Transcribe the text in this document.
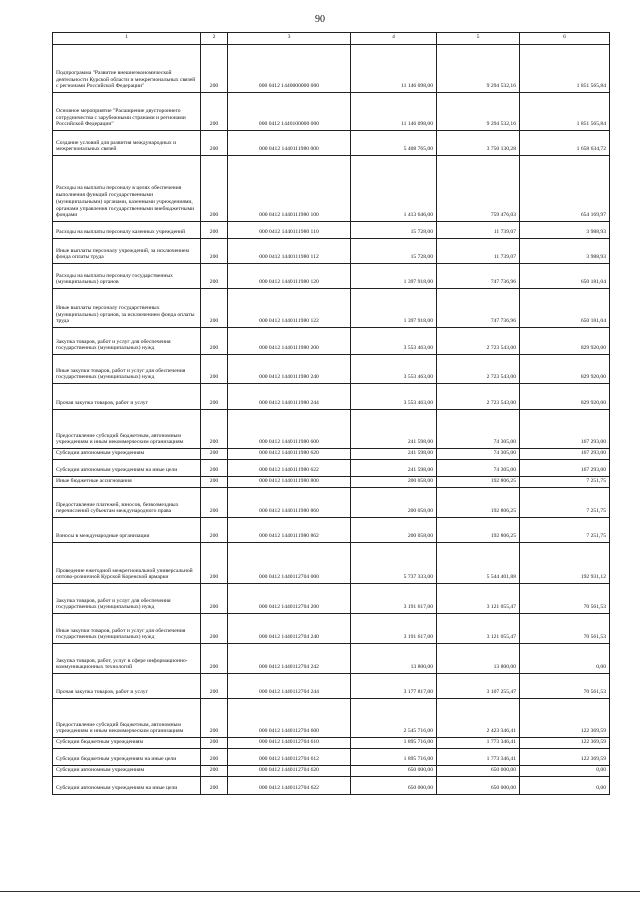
90
1	2	3	4	5	6
Подпрограмма "Развитие внешнеэкономической деятельности Курской области и межрегиональных связей с регионами Российской Федерации"	200	000 0412 1440000000 000	11 146 098,00	9 294 532,16	1 851 565,84
Основное мероприятие "Расширение двустороннего сотрудничества с зарубежными странами и регионами Российской Федерации"	200	000 0412 1440100000 000	11 146 098,00	9 294 532,16	1 851 565,84
Создание условий для развития международных и межрегиональных связей	200	000 0412 1440111980 000	5 408 765,00	3 750 130,28	1 658 634,72
Расходы на выплаты персоналу в целях обеспечения выполнения функций государственными (муниципальными) органами, казенными учреждениями, органами управления государственными внебюджетными фондами	200	000 0412 1440111980 100	1 413 646,00	759 476,03	654 169,97
Расходы на выплаты персоналу казенных учреждений	200	000 0412 1440111980 110	15 728,00	11 739,07	3 988,93
Иные выплаты персоналу учреждений, за исключением фонда оплаты труда	200	000 0412 1440111980 112	15 728,00	11 739,07	3 988,93
Расходы на выплаты персоналу государственных (муниципальных) органов	200	000 0412 1440111980 120	1 397 918,00	747 736,96	650 181,04
Иные выплаты персоналу государственных (муниципальных) органов, за исключением фонда оплаты труда	200	000 0412 1440111980 122	1 397 918,00	747 736,96	650 181,04
Закупка товаров, работ и услуг для обеспечения государственных (муниципальных) нужд	200	000 0412 1440111980 200	3 553 463,00	2 723 543,00	829 920,00
Иные закупки товаров, работ и услуг для обеспечения государственных (муниципальных) нужд	200	000 0412 1440111980 240	3 553 463,00	2 723 543,00	829 920,00
Прочая закупка товаров, работ и услуг	200	000 0412 1440111980 244	3 553 463,00	2 723 543,00	829 920,00
Предоставление субсидий бюджетным, автономным учреждениям и иным некоммерческим организациям	200	000 0412 1440111980 600	241 598,00	74 305,00	167 293,00
Субсидии автономным учреждениям	200	000 0412 1440111980 620	241 598,00	74 305,00	167 293,00
Субсидии автономным учреждениям на иные цели	200	000 0412 1440111980 622	241 598,00	74 305,00	167 293,00
Иные бюджетные ассигнования	200	000 0412 1440111980 800	200 058,00	192 806,25	7 251,75
Предоставление платежей, взносов, безвозмездных перечислений субъектам международного права	200	000 0412 1440111980 860	200 058,00	192 806,25	7 251,75
Взносы в международные организации	200	000 0412 1440111980 862	200 058,00	192 806,25	7 251,75
Проведение ежегодной межрегиональной универсальной оптово-розничной Курской Коренской ярмарки	200	000 0412 1440112704 000	5 737 333,00	5 544 401,88	192 931,12
Закупка товаров, работ и услуг для обеспечения государственных (муниципальных) нужд	200	000 0412 1440112704 200	3 191 617,00	3 121 055,47	70 561,53
Иные закупки товаров, работ и услуг для обеспечения государственных (муниципальных) нужд	200	000 0412 1440112704 240	3 191 617,00	3 121 055,47	70 561,53
Закупка товаров, работ, услуг в сфере информационно-коммуникационных технологий	200	000 0412 1440112704 242	13 800,00	13 800,00	0,00
Прочая закупка товаров, работ и услуг	200	000 0412 1440112704 244	3 177 817,00	3 107 255,47	70 561,53
Предоставление субсидий бюджетным, автономным учреждениям и иным некоммерческим организациям	200	000 0412 1440112704 600	2 545 716,00	2 423 346,41	122 369,59
Субсидии бюджетным учреждениям	200	000 0412 1440112704 610	1 895 716,00	1 773 346,41	122 369,59
Субсидии бюджетным учреждениям на иные цели	200	000 0412 1440112704 612	1 895 716,00	1 773 346,41	122 369,59
Субсидии автономным учреждениям	200	000 0412 1440112704 620	650 000,00	650 000,00	0,00
Субсидии автономным учреждениям на иные цели	200	000 0412 1440112704 622	650 000,00	650 000,00	0,00
